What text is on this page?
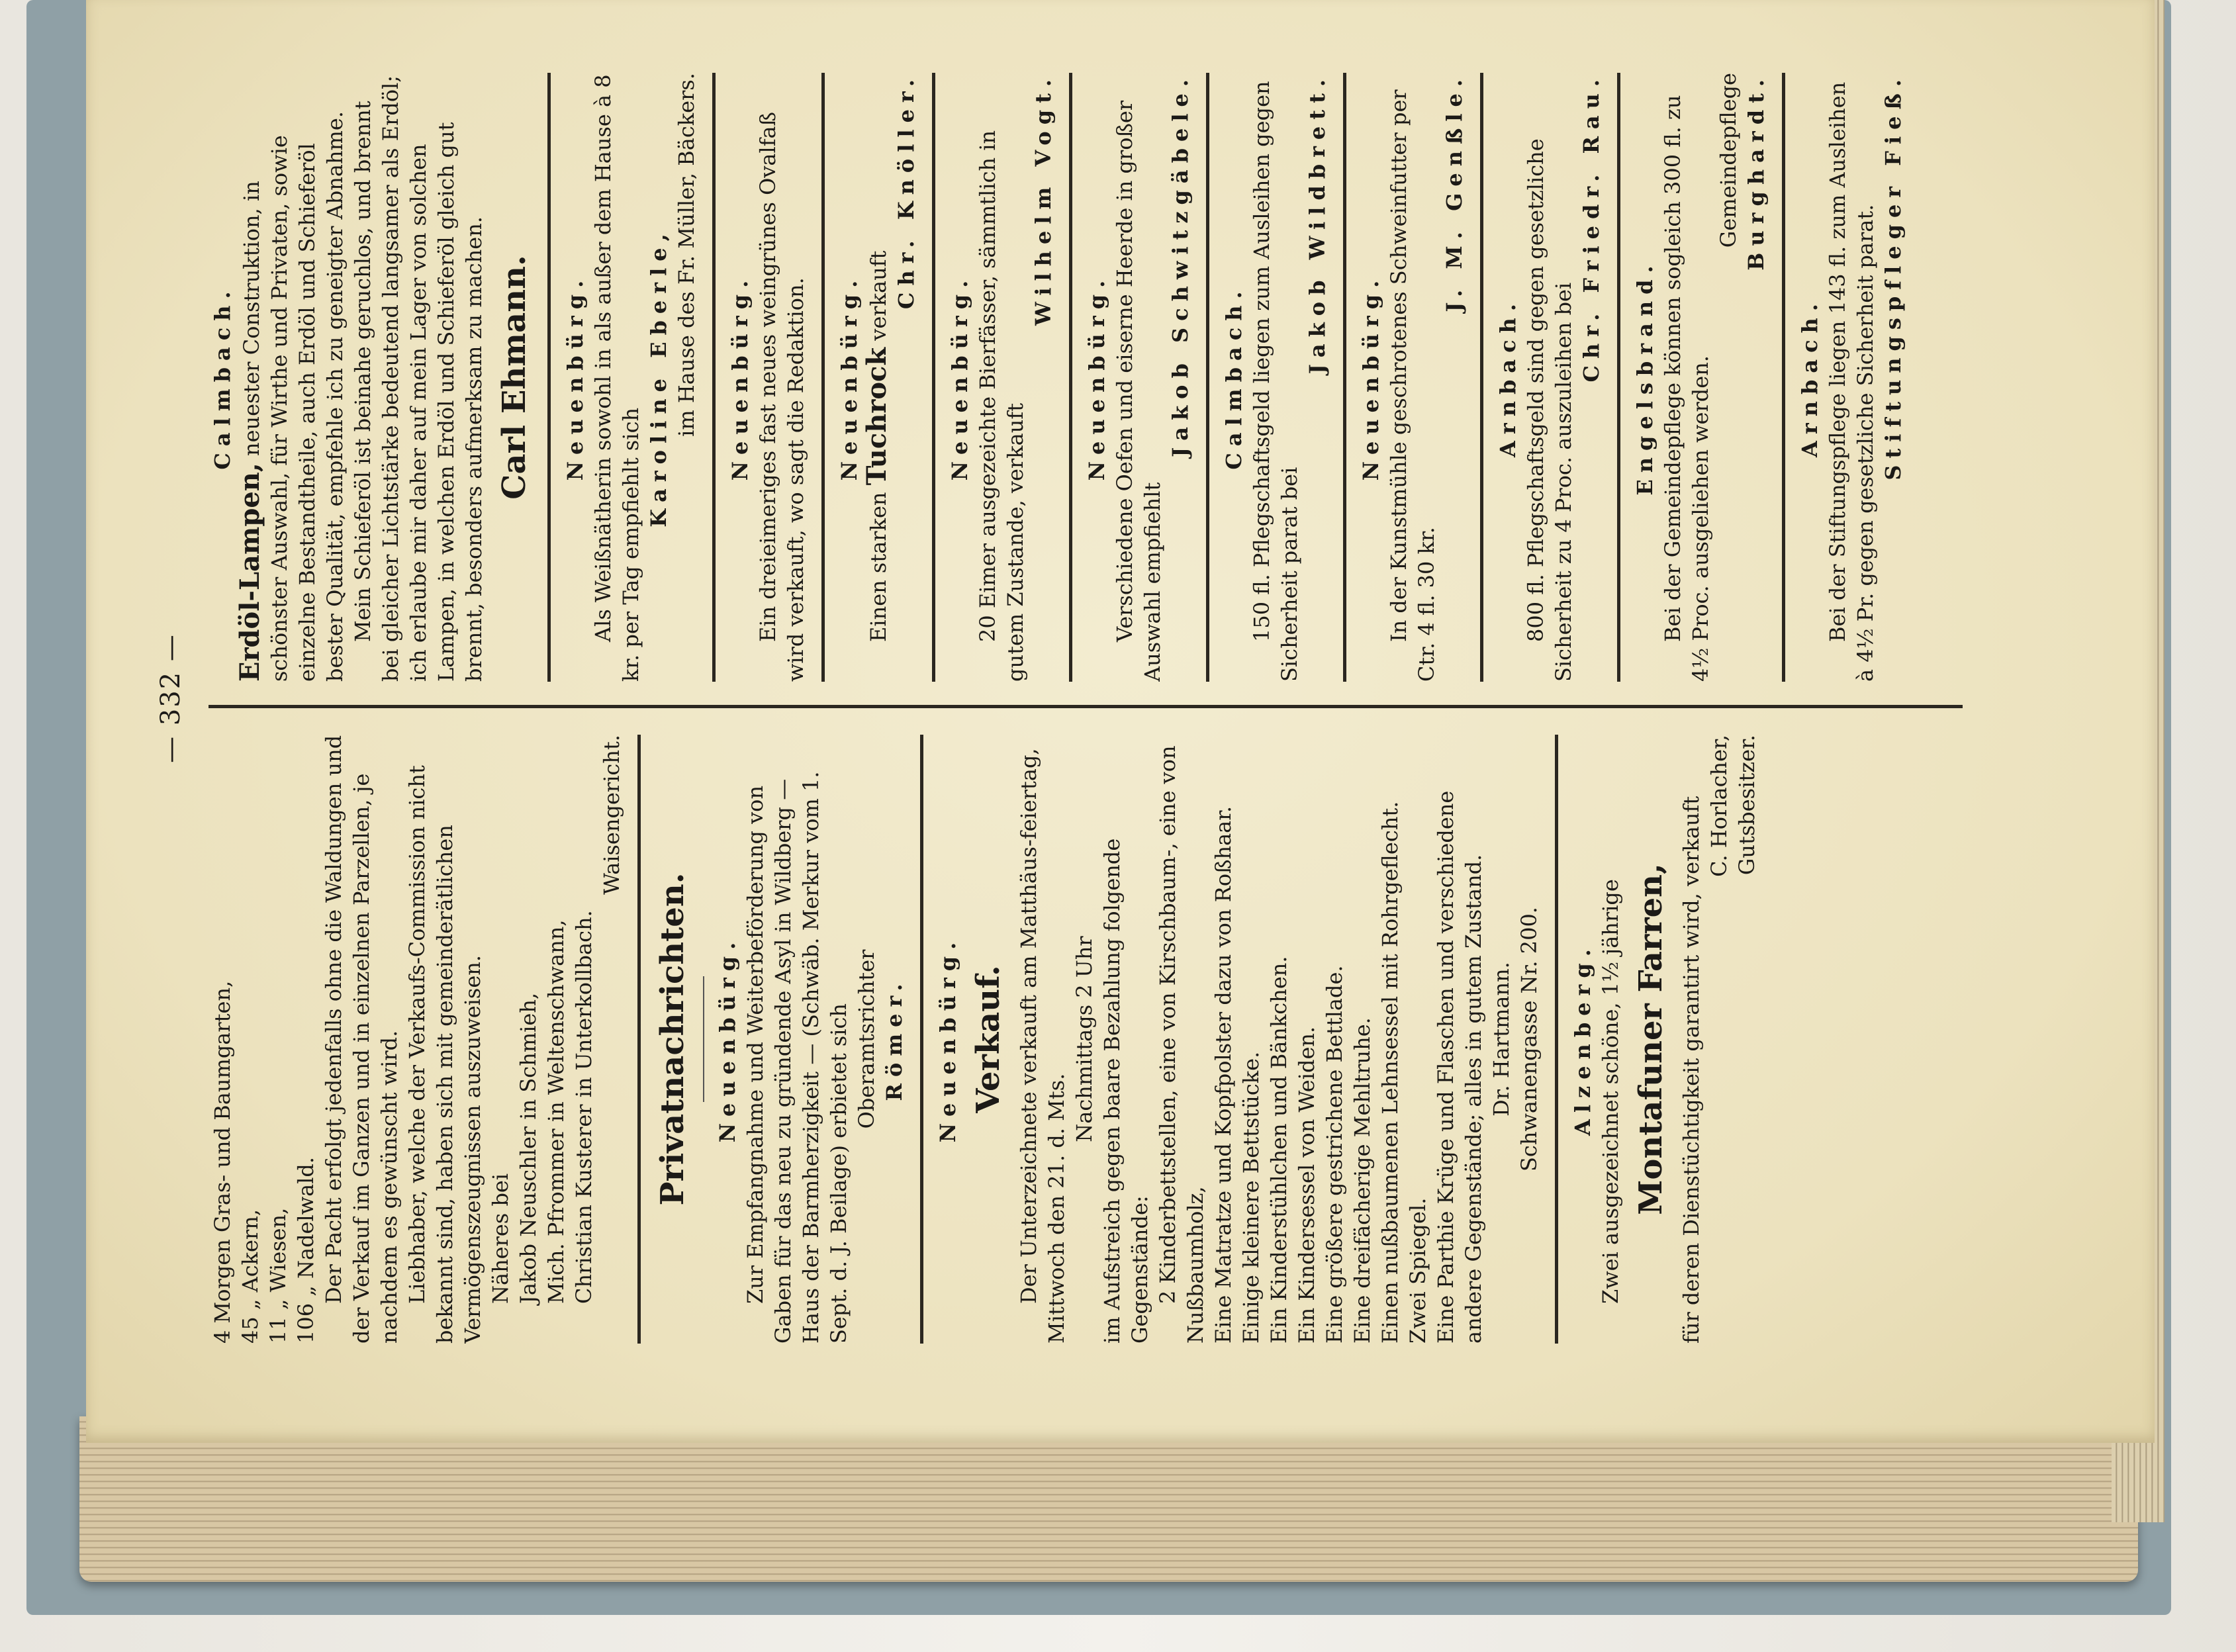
— 332 —

4 Morgen Gras- und Baumgarten, 45 „ Ackern, 11 „ Wiesen, 106 „ Nadelwald. Der Pacht erfolgt jedenfalls ohne die Waldungen und der Verkauf im Ganzen und in einzelnen Parzellen, je nachdem es gewünscht wird. Liebhaber, welche der Verkaufs-Commission nicht bekannt sind, haben sich mit gemeinderätlichen Vermögenszeugnissen auszuweisen. Näheres bei Jakob Neuschler in Schmieh, Mich. Pfrommer in Weltenschwann, Christian Kusterer in Unterkollbach.

Waisengericht.

Privatnachrichten. Neuenbürg. Zur Empfangnahme und Weiterbeförderung von Gaben für das neu zu gründende Asyl in Wildberg — Haus der Barmherzigkeit — (Schwäb. Merkur vom 1. Sept. d. J. Beilage) erbietet sich Oberamtsrichter Römer. Neuenbürg. Verkauf. Der Unterzeichnete verkauft am Matthäus-feiertag, Mittwoch den 21. d. Mts.

Nachmittags 2 Uhr im Aufstreich gegen baare Bezahlung folgende Gegenstände: 2 Kinderbettstellen, eine von Kirschbaum-, eine von Nußbaumholz, Eine Matratze und Kopfpolster dazu von Roßhaar. Einige kleinere Bettstücke. Ein Kinderstühlchen und Bänkchen. Ein Kindersessel von Weiden. Eine größere gestrichene Bettlade. Eine dreifächerige Mehltruhe. Einen nußbaumenen Lehnsessel mit Rohrgeflecht. Zwei Spiegel. Eine Parthie Krüge und Flaschen und verschiedene andere Gegenstände; alles in gutem Zustand. Dr. Hartmann. Schwanengasse Nr. 200. Alzenberg. Zwei ausgezeichnet schöne, 1½ jährige Montafuner Farren, für deren Dienstüchtigkeit garantirt wird, verkauft C. Horlacher, Gutsbesitzer.

Calmbach.

Erdöl-Lampen, neuester Construktion, in schönster Auswahl, für Wirthe und Privaten, sowie einzelne Bestandtheile, auch Erdöl und Schieferöl bester Qualität, empfehle ich zu geneigter Abnahme. Mein Schieferöl ist beinahe geruchlos, und brennt bei gleicher Lichtstärke bedeutend langsamer als Erdöl; ich erlaube mir daher auf mein Lager von solchen Lampen, in welchen Erdöl und Schieferöl gleich gut brennt, besonders aufmerksam zu machen. Carl Ehmann. Neuenbürg. Als Weißnätherin sowohl in als außer dem Hause à 8 kr. per Tag empfiehlt sich

Karoline Eberle, im Hause des Fr. Müller, Bäckers. Neuenbürg. Ein dreieimeriges fast neues weingrünes Ovalfaß wird verkauft, wo sagt die Redaktion. Neuenbürg.

Einen starken Tuchrock verkauft Chr. Knöller.

Neuenbürg. 20 Eimer ausgezeichte Bierfässer, sämmtlich in gutem Zustande, verkauft

Wilhelm Vogt.

Neuenbürg. Verschiedene Oefen und eiserne Heerde in großer Auswahl empfiehlt

Jakob Schwitzgäbele. Calmbach. 150 fl. Pflegschaftsgeld liegen zum Ausleihen gegen Sicherheit parat bei

Jakob Wildbrett.

Neuenbürg. In der Kunstmühle geschrotenes Schweinfutter per Ctr. 4 fl. 30 kr.

J. M. Genßle.

Arnbach. 800 fl. Pflegschaftsgeld sind gegen gesetzliche Sicherheit zu 4 Proc. auszuleihen bei

Chr. Friedr. Rau. Engelsbrand. Bei der Gemeindepflege können sogleich 300 fl. zu 4½ Proc. ausgeliehen werden.

Gemeindepflege Burghardt.

Arnbach. Bei der Stiftungspflege liegen 143 fl. zum Ausleihen à 4½ Pr. gegen gesetzliche Sicherheit parat. Stiftungspfleger Fieß.
